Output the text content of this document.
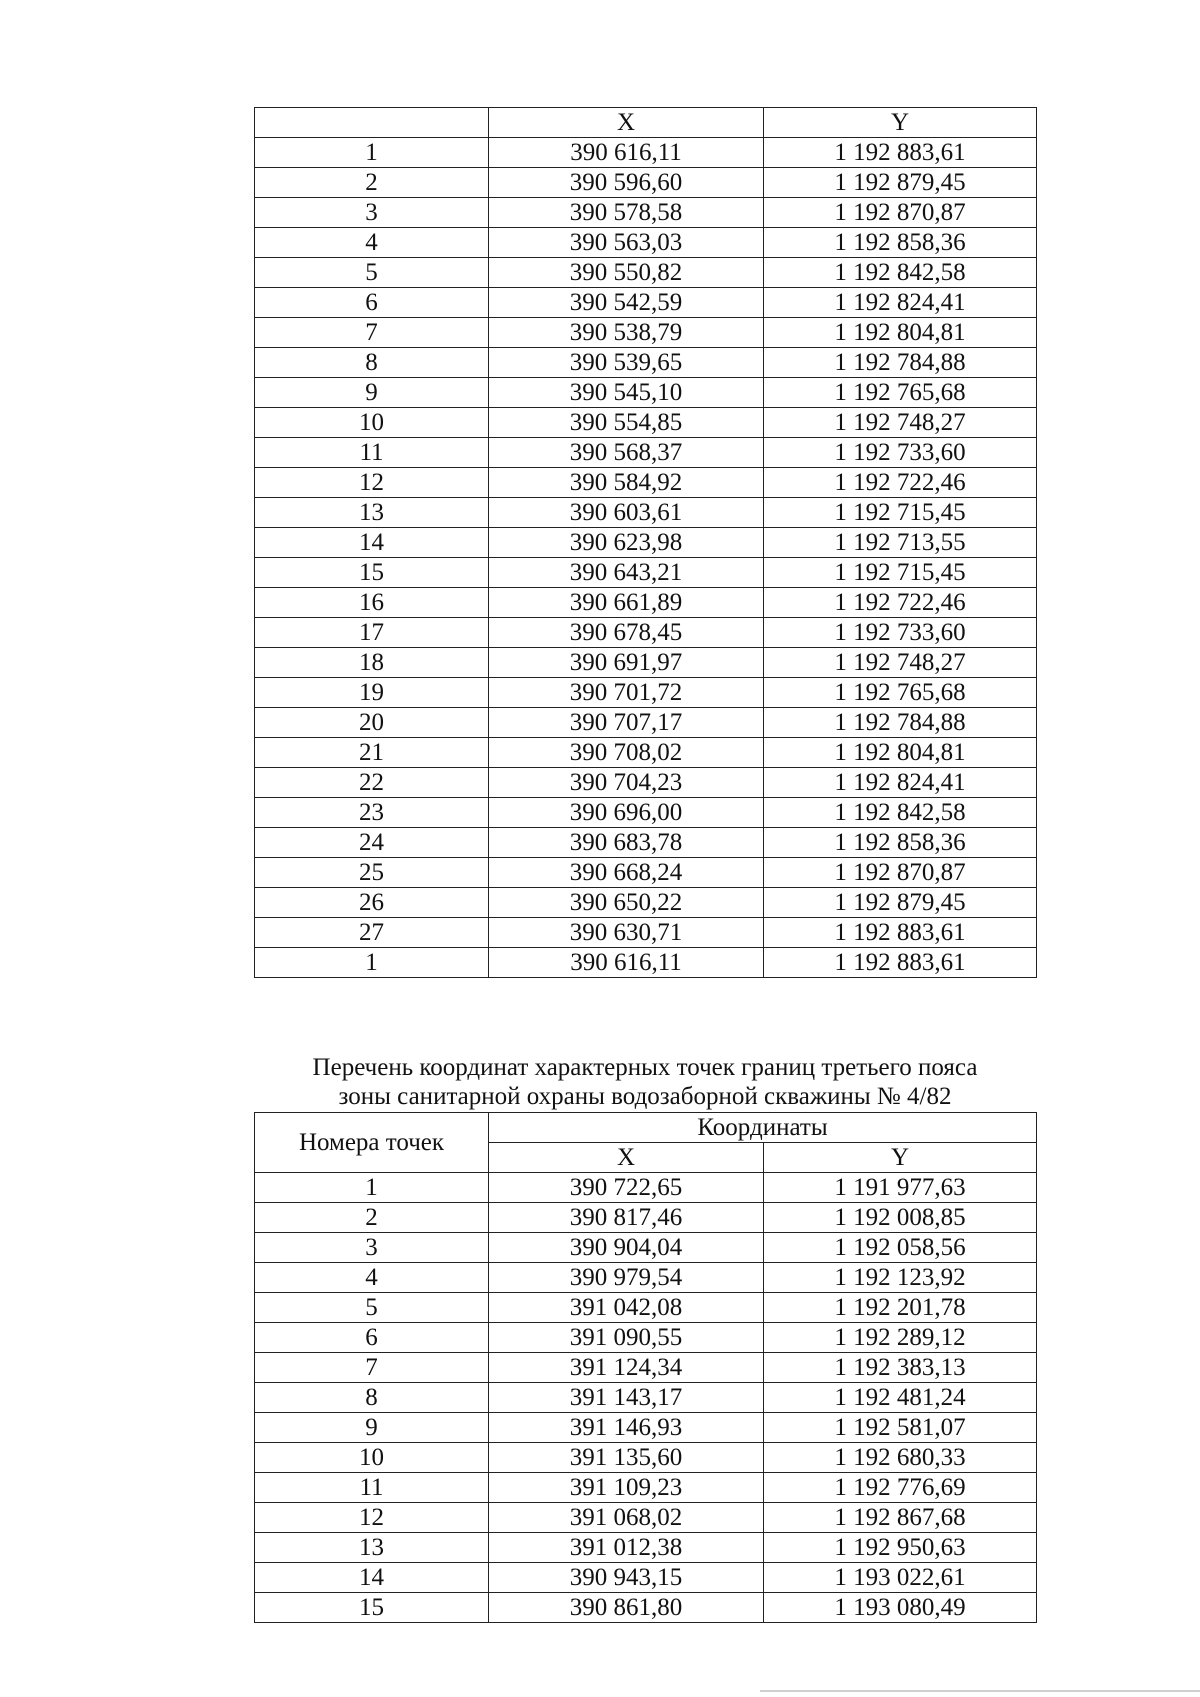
	X	Y
1	390 616,11	1 192 883,61
2	390 596,60	1 192 879,45
3	390 578,58	1 192 870,87
4	390 563,03	1 192 858,36
5	390 550,82	1 192 842,58
6	390 542,59	1 192 824,41
7	390 538,79	1 192 804,81
8	390 539,65	1 192 784,88
9	390 545,10	1 192 765,68
10	390 554,85	1 192 748,27
11	390 568,37	1 192 733,60
12	390 584,92	1 192 722,46
13	390 603,61	1 192 715,45
14	390 623,98	1 192 713,55
15	390 643,21	1 192 715,45
16	390 661,89	1 192 722,46
17	390 678,45	1 192 733,60
18	390 691,97	1 192 748,27
19	390 701,72	1 192 765,68
20	390 707,17	1 192 784,88
21	390 708,02	1 192 804,81
22	390 704,23	1 192 824,41
23	390 696,00	1 192 842,58
24	390 683,78	1 192 858,36
25	390 668,24	1 192 870,87
26	390 650,22	1 192 879,45
27	390 630,71	1 192 883,61
1	390 616,11	1 192 883,61
Перечень координат характерных точек границ третьего пояса
зоны санитарной охраны водозаборной скважины № 4/82
Номера точек	Координаты	
	X	Y
1	390 722,65	1 191 977,63
2	390 817,46	1 192 008,85
3	390 904,04	1 192 058,56
4	390 979,54	1 192 123,92
5	391 042,08	1 192 201,78
6	391 090,55	1 192 289,12
7	391 124,34	1 192 383,13
8	391 143,17	1 192 481,24
9	391 146,93	1 192 581,07
10	391 135,60	1 192 680,33
11	391 109,23	1 192 776,69
12	391 068,02	1 192 867,68
13	391 012,38	1 192 950,63
14	390 943,15	1 193 022,61
15	390 861,80	1 193 080,49
